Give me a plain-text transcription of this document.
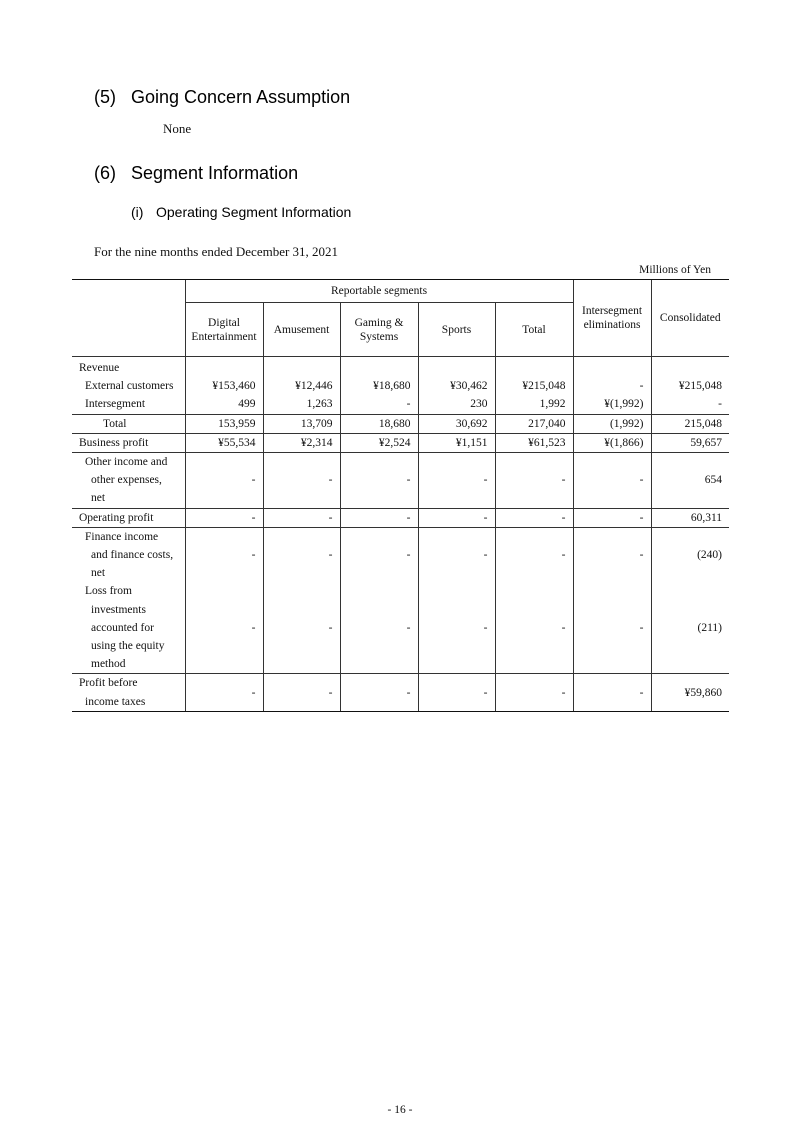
(5) Going Concern Assumption
None
(6) Segment Information
(i) Operating Segment Information
For the nine months ended December 31, 2021
Millions of Yen
	Reportable segments					Intersegment eliminations	Consolidated
	Digital Entertainment	Amusement	Gaming & Systems	Sports	Total		
Revenue							
External customers	¥153,460	¥12,446	¥18,680	¥30,462	¥215,048	-	¥215,048
Intersegment	499	1,263	-	230	1,992	¥(1,992)	-
Total	153,959	13,709	18,680	30,692	217,040	(1,992)	215,048
Business profit	¥55,534	¥2,314	¥2,524	¥1,151	¥61,523	¥(1,866)	59,657

Other income and
other expenses,
net	-	-	-	-	-	-	654
Operating profit	-	-	-	-	-	-	60,311

Finance income
and finance costs,
net	-	-	-	-	-	-	(240)

Loss from
investments
accounted for
using the equity
method	-	-	-	-	-	-	(211)

Profit before
income taxes	-	-	-	-	-	-	¥59,860
- 16 -
